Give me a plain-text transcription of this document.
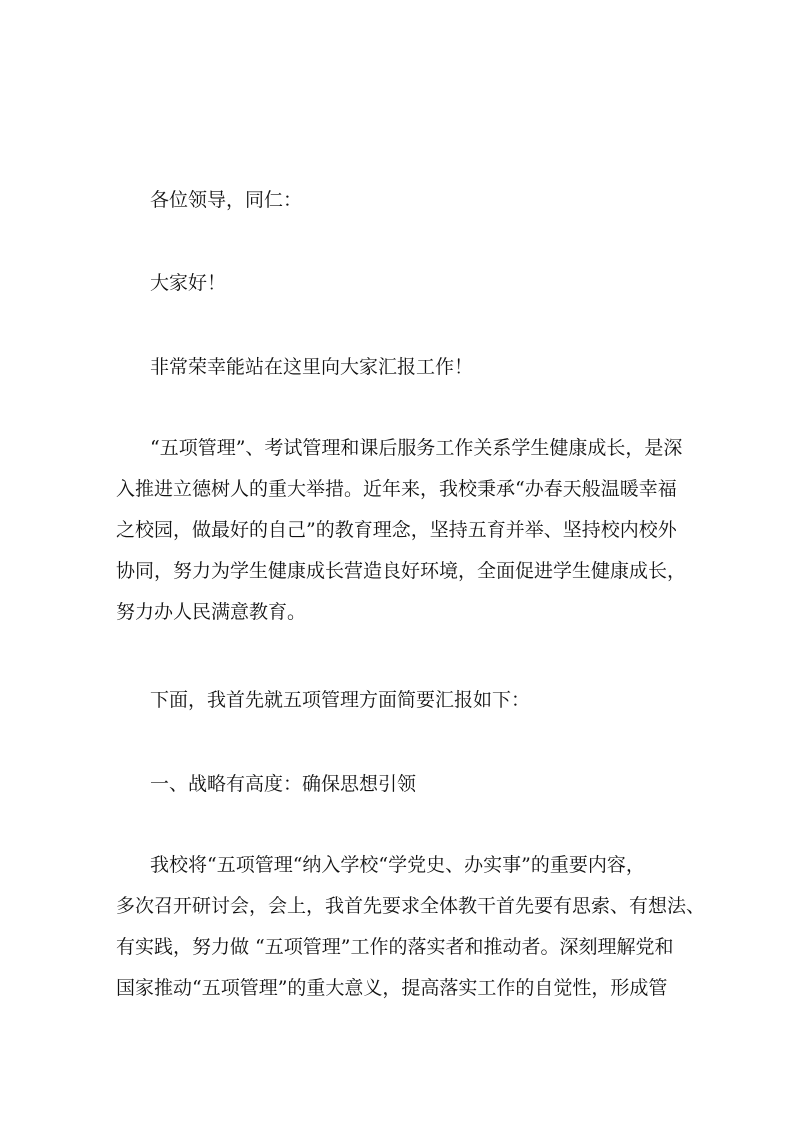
各位领导，同仁：
大家好！
非常荣幸能站在这里向大家汇报工作！
“五项管理”、考试管理和课后服务工作关系学生健康成长，是深
入推进立德树人的重大举措。近年来，我校秉承“办春天般温暖幸福
之校园，做最好的自己”的教育理念，坚持五育并举、坚持校内校外
协同，努力为学生健康成长营造良好环境，全面促进学生健康成长，
努力办人民满意教育。
下面，我首先就五项管理方面简要汇报如下：
一、战略有高度：确保思想引领
我校将“五项管理“纳入学校“学党史、办实事”的重要内容，
多次召开研讨会，会上，我首先要求全体教干首先要有思索、有想法、
有实践，努力做 “五项管理”工作的落实者和推动者。深刻理解党和
国家推动“五项管理”的重大意义，提高落实工作的自觉性，形成管
